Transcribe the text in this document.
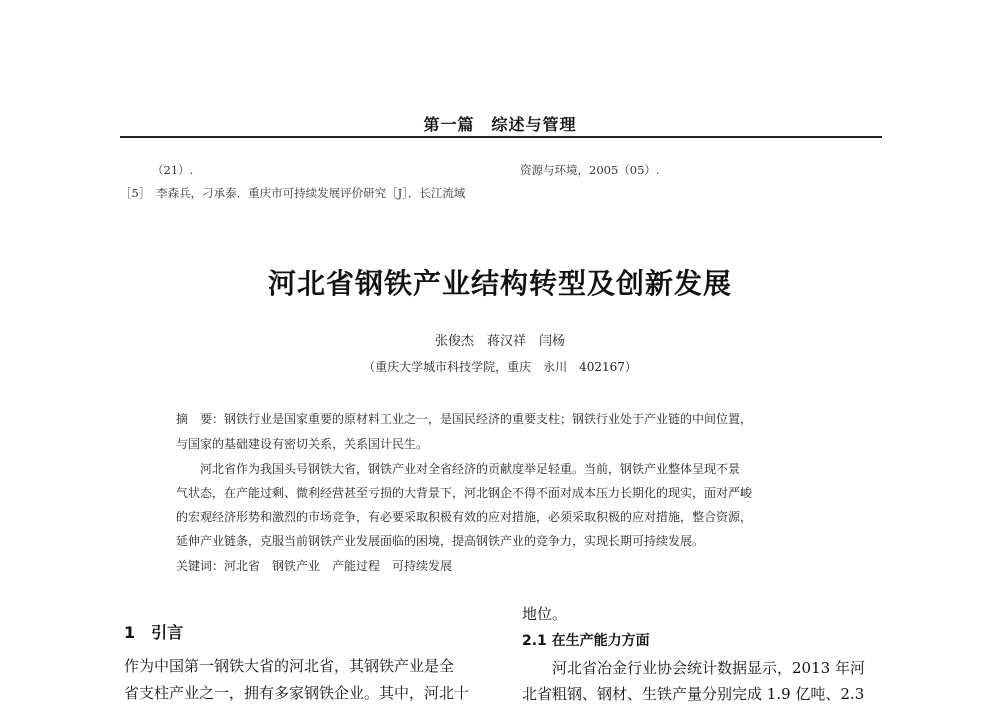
第一篇　综述与管理
（21）.	资源与环境，2005（05）.
［5］　李森兵，刁承泰．重庆市可持续发展评价研究［J］．长江流域
河北省钢铁产业结构转型及创新发展
张俊杰　蒋汉祥　闫杨
（重庆大学城市科技学院，重庆　永川　402167）
摘　要：钢铁行业是国家重要的原材料工业之一，是国民经济的重要支柱；钢铁行业处于产业链的中间位置，
与国家的基础建设有密切关系，关系国计民生。
　　河北省作为我国头号钢铁大省，钢铁产业对全省经济的贡献度举足轻重。当前，钢铁产业整体呈现不景
气状态，在产能过剩、微利经营甚至亏损的大背景下，河北钢企不得不面对成本压力长期化的现实，面对严峻
的宏观经济形势和激烈的市场竞争，有必要采取积极有效的应对措施，必须采取积极的应对措施，整合资源，
延伸产业链条，克服当前钢铁产业发展面临的困境，提高钢铁产业的竞争力，实现长期可持续发展。
关键词：河北省　钢铁产业　产能过程　可持续发展
1　引言
作为中国第一钢铁大省的河北省，其钢铁产业是全
省支柱产业之一，拥有多家钢铁企业。其中，河北十
地位。
2.1 在生产能力方面
　　河北省冶金行业协会统计数据显示，2013 年河
北省粗钢、钢材、生铁产量分别完成 1.9 亿吨、2.3
